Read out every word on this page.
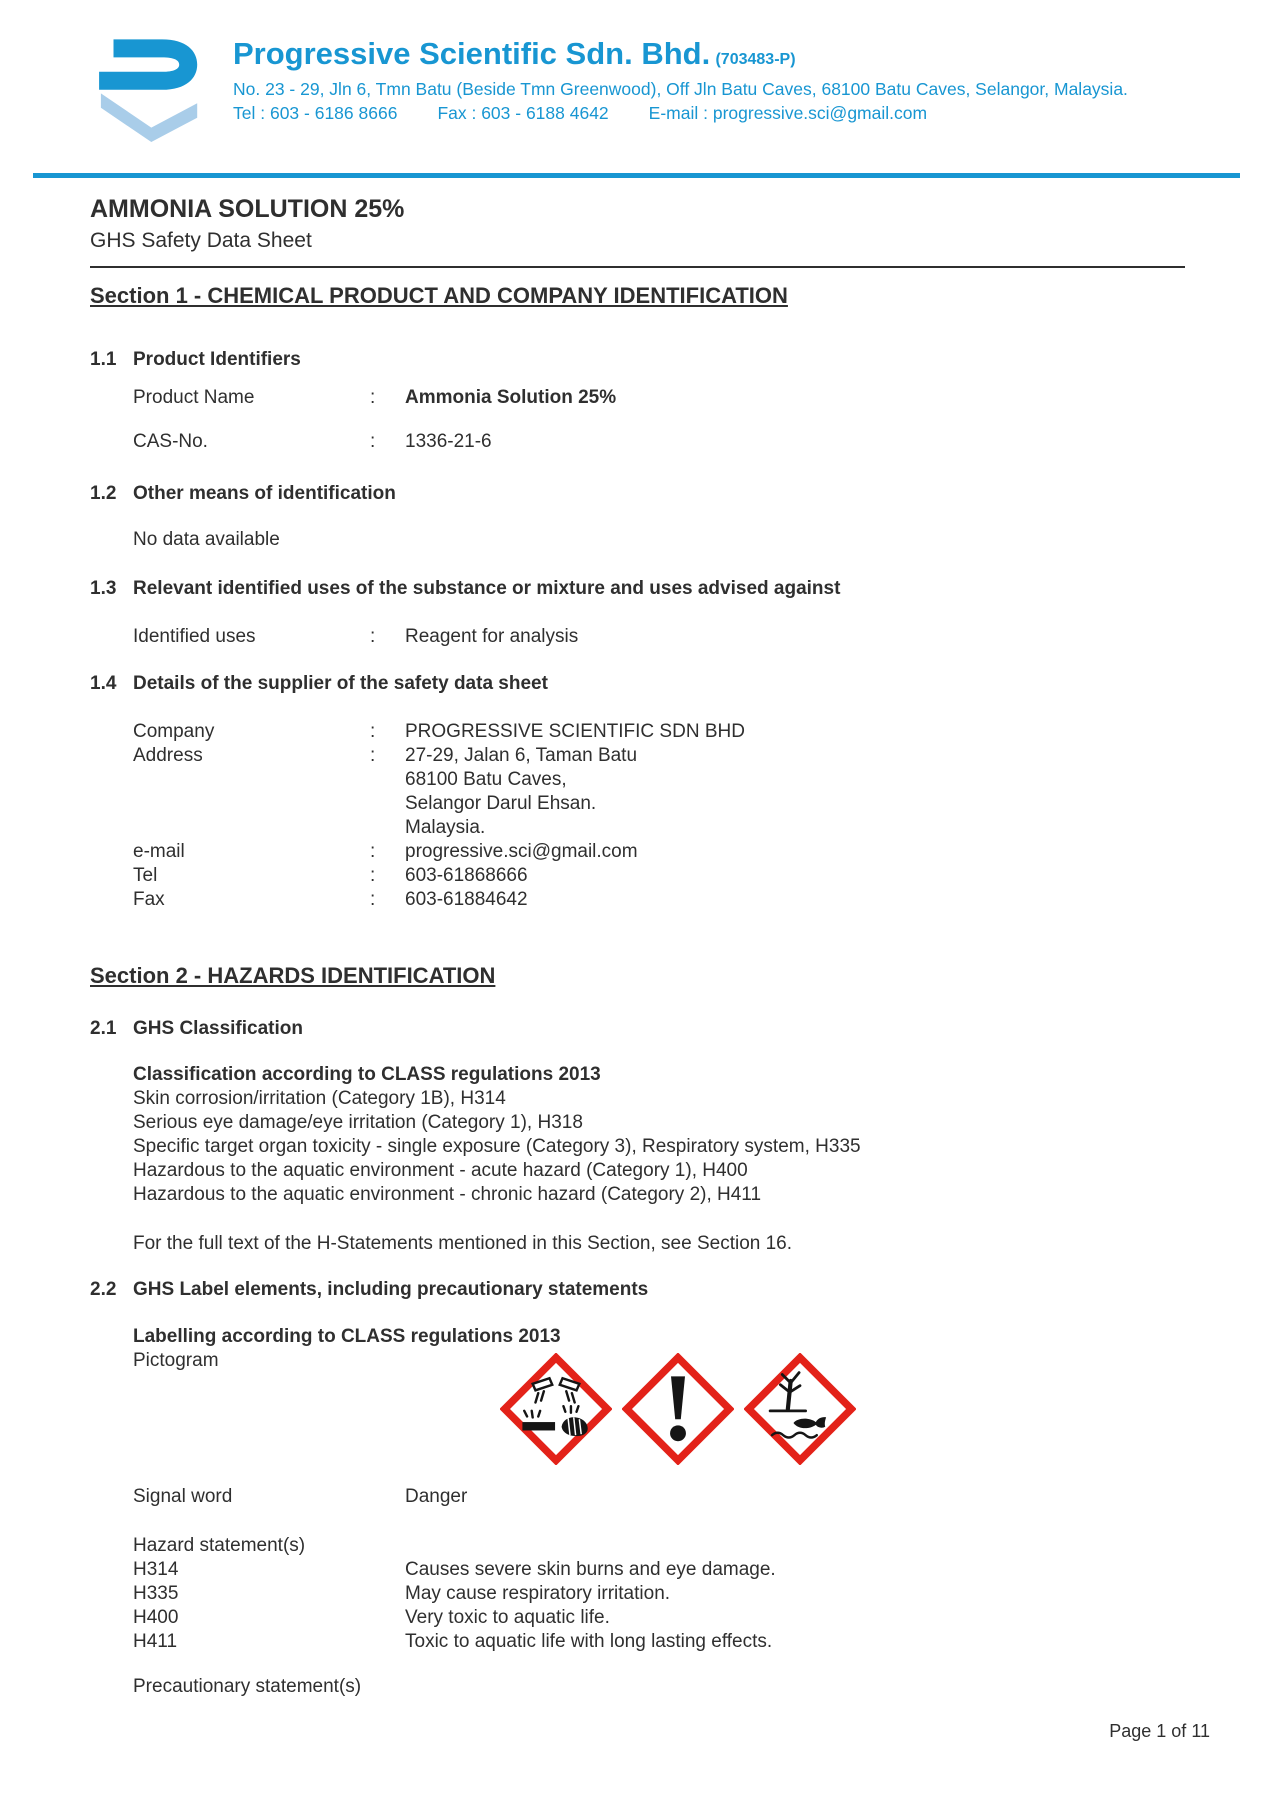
Progressive Scientific Sdn. Bhd. (703483-P)
No. 23 - 29, Jln 6, Tmn Batu (Beside Tmn Greenwood), Off Jln Batu Caves, 68100 Batu Caves, Selangor, Malaysia.
Tel : 603 - 6186 8666 Fax : 603 - 6188 4642 E-mail : progressive.sci@gmail.com
AMMONIA SOLUTION 25%
GHS Safety Data Sheet
Section 1 - CHEMICAL PRODUCT AND COMPANY IDENTIFICATION
1.1 Product Identifiers
Product Name	:	Ammonia Solution 25%
CAS-No.	:	1336-21-6
1.2 Other means of identification
No data available
1.3 Relevant identified uses of the substance or mixture and uses advised against
Identified uses	:	Reagent for analysis
1.4 Details of the supplier of the safety data sheet
Company	:	PROGRESSIVE SCIENTIFIC SDN BHD
Address	:	27-29, Jalan 6, Taman Batu
68100 Batu Caves,
Selangor Darul Ehsan.
Malaysia.
e-mail	:	progressive.sci@gmail.com
Tel	:	603-61868666
Fax	:	603-61884642
Section 2 - HAZARDS IDENTIFICATION
2.1 GHS Classification
Classification according to CLASS regulations 2013
Skin corrosion/irritation (Category 1B), H314
Serious eye damage/eye irritation (Category 1), H318
Specific target organ toxicity - single exposure (Category 3), Respiratory system, H335
Hazardous to the aquatic environment - acute hazard (Category 1), H400
Hazardous to the aquatic environment - chronic hazard (Category 2), H411
For the full text of the H-Statements mentioned in this Section, see Section 16.
2.2 GHS Label elements, including precautionary statements
Labelling according to CLASS regulations 2013
Pictogram
Signal word	Danger
Hazard statement(s)
H314	Causes severe skin burns and eye damage.
H335	May cause respiratory irritation.
H400	Very toxic to aquatic life.
H411	Toxic to aquatic life with long lasting effects.
Precautionary statement(s)
Page 1 of 11
